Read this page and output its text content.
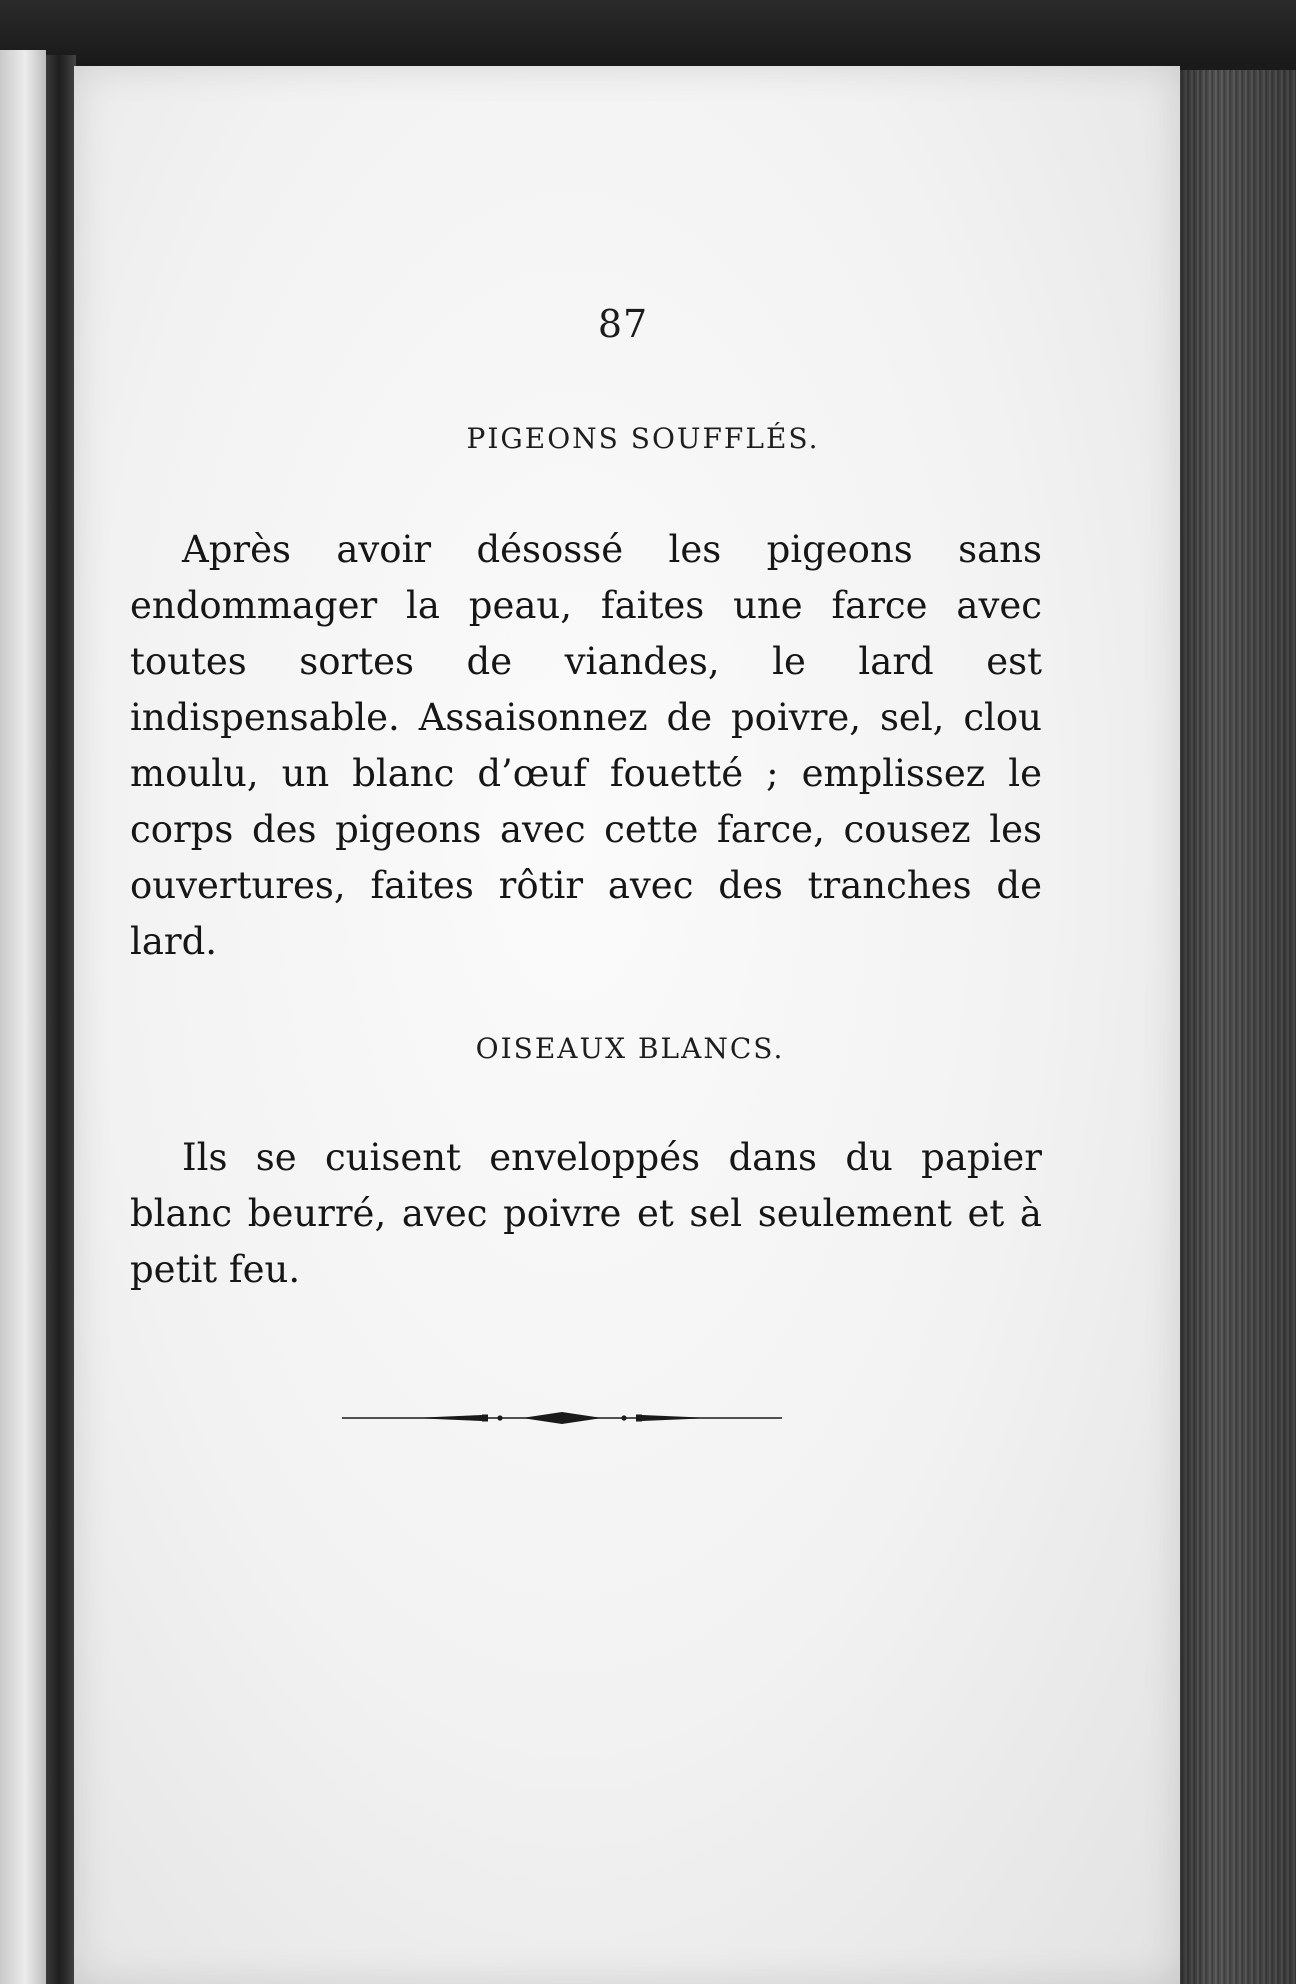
87
PIGEONS SOUFFLÉS.

Après avoir désossé les pigeons sans endommager la peau, faites une farce avec toutes sortes de viandes, le lard est indispensable. Assaisonnez de poivre, sel, clou moulu, un blanc d’œuf fouetté ; emplissez le corps des pigeons avec cette farce, cousez les ouvertures, faites rôtir avec des tranches de lard.

OISEAUX BLANCS.

Ils se cuisent enveloppés dans du papier blanc beurré, avec poivre et sel seulement et à petit feu.
